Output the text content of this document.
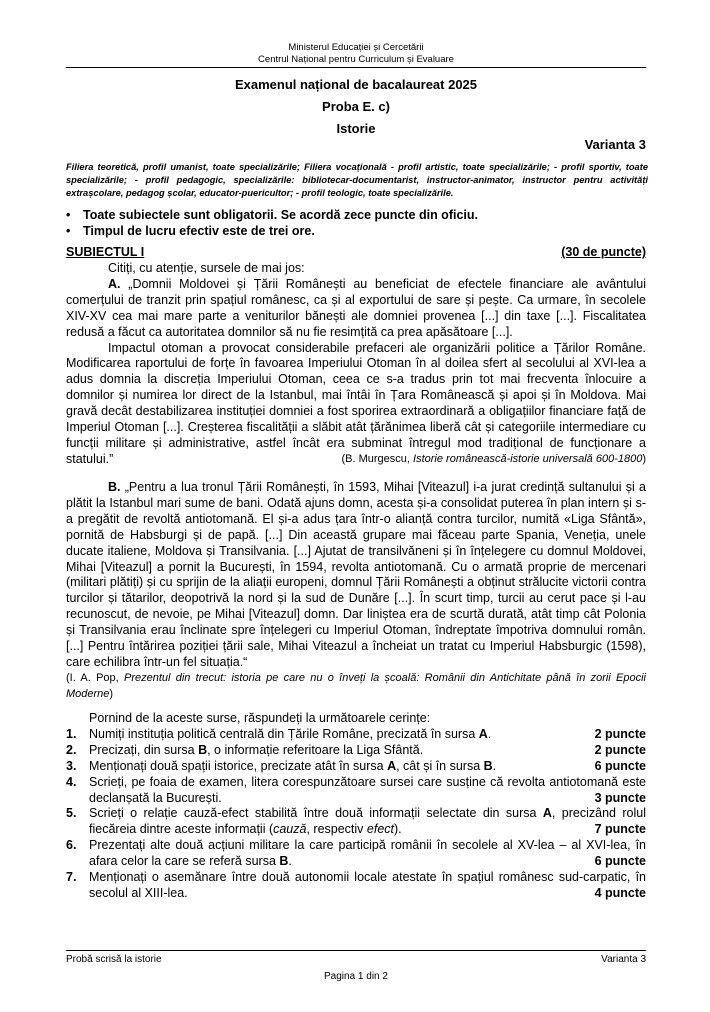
Ministerul Educației și Cercetării
Centrul Național pentru Curriculum și Evaluare
Examenul național de bacalaureat 2025
Proba E. c)
Istorie
Varianta 3
Filiera teoretică, profil umanist, toate specializările; Filiera vocațională - profil artistic, toate specializările; - profil sportiv, toate specializările; - profil pedagogic, specializările: bibliotecar-documentarist, instructor-animator, instructor pentru activități extrașcolare, pedagog școlar, educator-puericultor; - profil teologic, toate specializările.
• Toate subiectele sunt obligatorii. Se acordă zece puncte din oficiu.
• Timpul de lucru efectiv este de trei ore.
SUBIECTUL I	(30 de puncte)
Citiți, cu atenție, sursele de mai jos:
A. „Domnii Moldovei și Țării Românești au beneficiat de efectele financiare ale avântului comerțului de tranzit prin spațiul românesc, ca și al exportului de sare și pește. Ca urmare, în secolele XIV-XV cea mai mare parte a veniturilor bănești ale domniei provenea [...] din taxe [...]. Fiscalitatea redusă a făcut ca autoritatea domnilor să nu fie resimțită ca prea apăsătoare [...].
Impactul otoman a provocat considerabile prefaceri ale organizării politice a Țărilor Române. Modificarea raportului de forțe în favoarea Imperiului Otoman în al doilea sfert al secolului al XVI-lea a adus domnia la discreția Imperiului Otoman, ceea ce s-a tradus prin tot mai frecventa înlocuire a domnilor și numirea lor direct de la Istanbul, mai întâi în Țara Românească și apoi și în Moldova. Mai gravă decât destabilizarea instituției domniei a fost sporirea extraordinară a obligațiilor financiare față de Imperiul Otoman [...]. Creșterea fiscalității a slăbit atât țărănimea liberă cât și categoriile intermediare cu funcții militare și administrative, astfel încât era subminat întregul mod tradițional de funcționare a statului.”	(B. Murgescu, Istorie românească-istorie universală 600-1800)
B. „Pentru a lua tronul Țării Românești, în 1593, Mihai [Viteazul] i-a jurat credință sultanului și a plătit la Istanbul mari sume de bani. Odată ajuns domn, acesta și-a consolidat puterea în plan intern și s-a pregătit de revoltă antiotomană. El și-a adus țara într-o alianță contra turcilor, numită «Liga Sfântă», pornită de Habsburgi și de papă. [...] Din această grupare mai făceau parte Spania, Veneția, unele ducate italiene, Moldova și Transilvania. [...] Ajutat de transilvăneni și în înțelegere cu domnul Moldovei, Mihai [Viteazul] a pornit la București, în 1594, revolta antiotomană. Cu o armată proprie de mercenari (militari plătiți) și cu sprijin de la aliații europeni, domnul Țării Românești a obținut strălucite victorii contra turcilor și tătarilor, deopotrivă la nord și la sud de Dunăre [...]. În scurt timp, turcii au cerut pace și l-au recunoscut, de nevoie, pe Mihai [Viteazul] domn. Dar liniștea era de scurtă durată, atât timp cât Polonia și Transilvania erau înclinate spre înțelegeri cu Imperiul Otoman, îndreptate împotriva domnului român. [...] Pentru întărirea poziției țării sale, Mihai Viteazul a încheiat un tratat cu Imperiul Habsburgic (1598), care echilibra într-un fel situația.“
(I. A. Pop, Prezentul din trecut: istoria pe care nu o înveți la școală: Românii din Antichitate până în zorii Epocii Moderne)
Pornind de la aceste surse, răspundeți la următoarele cerințe:
1.	Numiți instituția politică centrală din Țările Române, precizată în sursa A.	2 puncte
2.	Precizați, din sursa B, o informație referitoare la Liga Sfântă.	2 puncte
3.	Menționați două spații istorice, precizate atât în sursa A, cât și în sursa B.	6 puncte
4.	Scrieți, pe foaia de examen, litera corespunzătoare sursei care susține că revolta antiotomană este declanșată la București.	3 puncte
5.	Scrieți o relație cauză-efect stabilită între două informații selectate din sursa A, precizând rolul fiecăreia dintre aceste informații (cauză, respectiv efect).	7 puncte
6.	Prezentați alte două acțiuni militare la care participă românii în secolele al XV-lea – al XVI-lea, în afara celor la care se referă sursa B.	6 puncte
7.	Menționați o asemănare între două autonomii locale atestate în spațiul românesc sud-carpatic, în secolul al XIII-lea.	4 puncte
Probă scrisă la istorie	Varianta 3
Pagina 1 din 2
